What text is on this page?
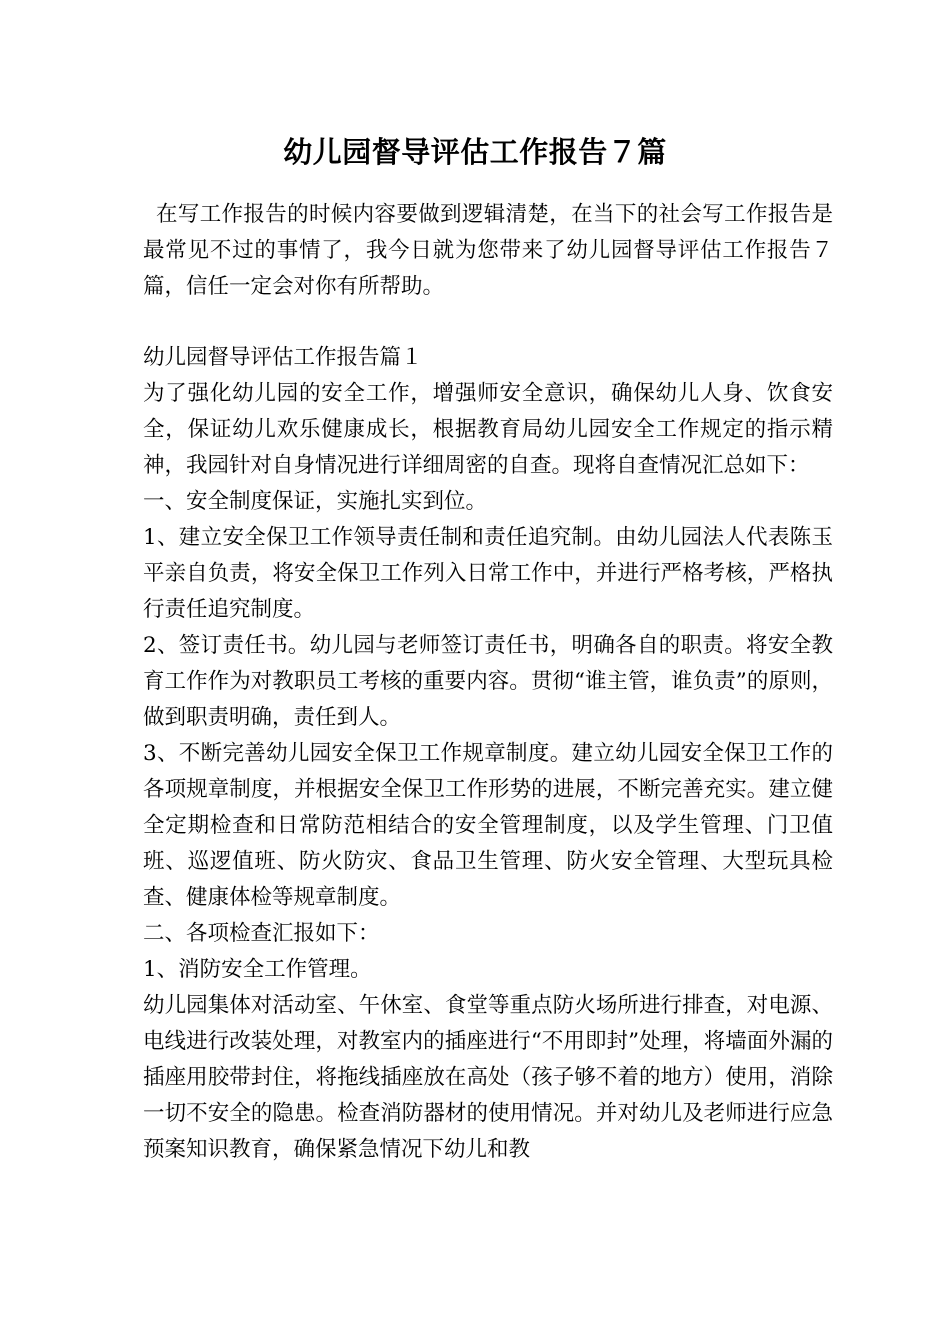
幼儿园督导评估工作报告７篇
在写工作报告的时候内容要做到逻辑清楚，在当下的社会写工作报告是最常见不过的事情了，我今日就为您带来了幼儿园督导评估工作报告７篇，信任一定会对你有所帮助。

幼儿园督导评估工作报告篇１

为了强化幼儿园的安全工作，增强师安全意识，确保幼儿人身、饮食安全，保证幼儿欢乐健康成长，根据教育局幼儿园安全工作规定的指示精神，我园针对自身情况进行详细周密的自查。现将自查情况汇总如下：

一、安全制度保证，实施扎实到位。

1、建立安全保卫工作领导责任制和责任追究制。由幼儿园法人代表陈玉平亲自负责，将安全保卫工作列入日常工作中，并进行严格考核，严格执行责任追究制度。

2、签订责任书。幼儿园与老师签订责任书，明确各自的职责。将安全教育工作作为对教职员工考核的重要内容。贯彻“谁主管，谁负责”的原则，做到职责明确，责任到人。

3、不断完善幼儿园安全保卫工作规章制度。建立幼儿园安全保卫工作的各项规章制度，并根据安全保卫工作形势的进展，不断完善充实。建立健全定期检查和日常防范相结合的安全管理制度，以及学生管理、门卫值班、巡逻值班、防火防灾、食品卫生管理、防火安全管理、大型玩具检查、健康体检等规章制度。

二、各项检查汇报如下：

1、消防安全工作管理。

幼儿园集体对活动室、午休室、食堂等重点防火场所进行排查，对电源、电线进行改装处理，对教室内的插座进行“不用即封”处理，将墙面外漏的插座用胶带封住，将拖线插座放在高处（孩子够不着的地方）使用，消除一切不安全的隐患。检查消防器材的使用情况。并对幼儿及老师进行应急预案知识教育，确保紧急情况下幼儿和教
